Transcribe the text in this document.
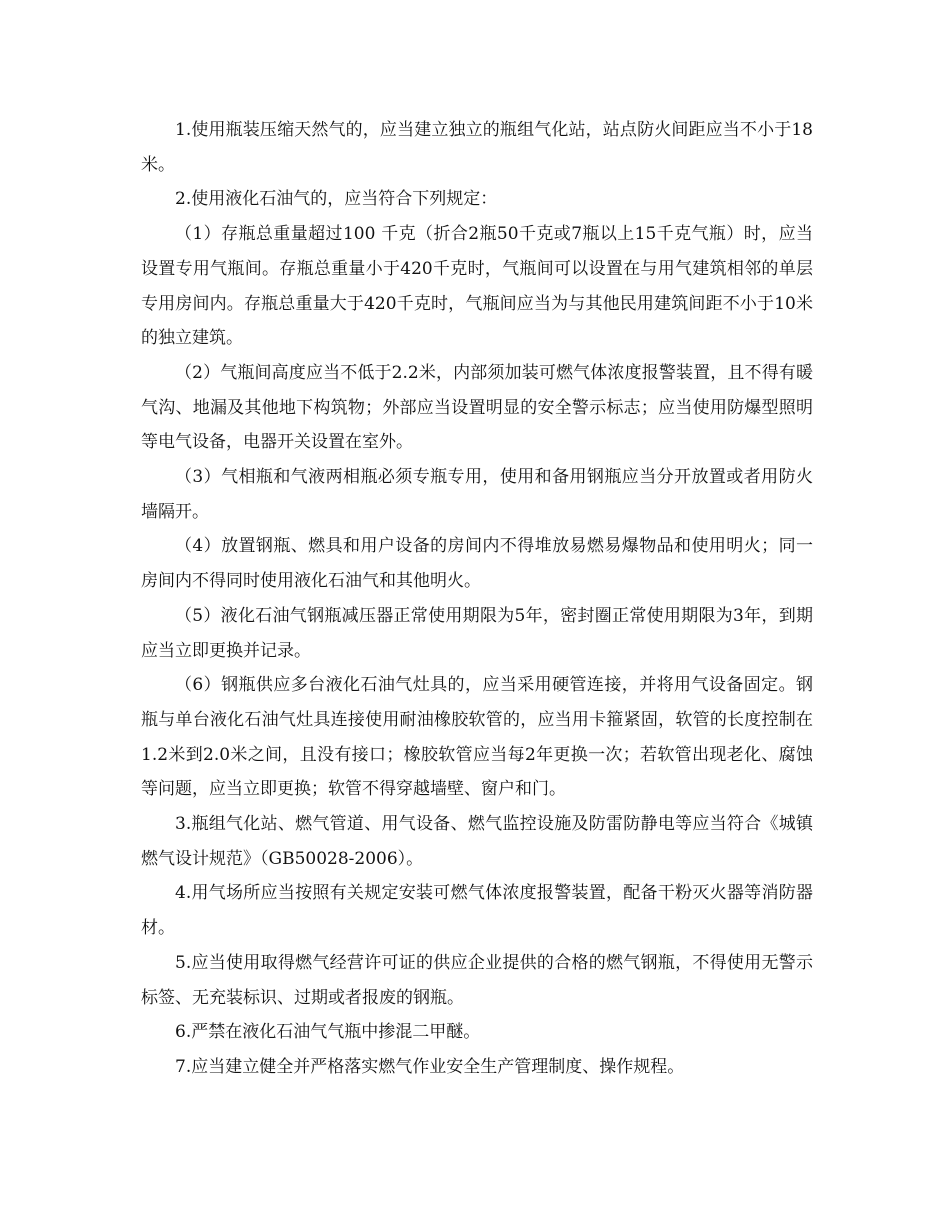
1.使用瓶装压缩天然气的，应当建立独立的瓶组气化站，站点防火间距应当不小于18米。

2.使用液化石油气的，应当符合下列规定：

（1）存瓶总重量超过100 千克（折合2瓶50千克或7瓶以上15千克气瓶）时，应当设置专用气瓶间。存瓶总重量小于420千克时，气瓶间可以设置在与用气建筑相邻的单层专用房间内。存瓶总重量大于420千克时，气瓶间应当为与其他民用建筑间距不小于10米的独立建筑。

（2）气瓶间高度应当不低于2.2米，内部须加装可燃气体浓度报警装置，且不得有暖气沟、地漏及其他地下构筑物；外部应当设置明显的安全警示标志；应当使用防爆型照明等电气设备，电器开关设置在室外。

（3）气相瓶和气液两相瓶必须专瓶专用，使用和备用钢瓶应当分开放置或者用防火墙隔开。

（4）放置钢瓶、燃具和用户设备的房间内不得堆放易燃易爆物品和使用明火；同一房间内不得同时使用液化石油气和其他明火。

（5）液化石油气钢瓶减压器正常使用期限为5年，密封圈正常使用期限为3年，到期应当立即更换并记录。

（6）钢瓶供应多台液化石油气灶具的，应当采用硬管连接，并将用气设备固定。钢瓶与单台液化石油气灶具连接使用耐油橡胶软管的，应当用卡箍紧固，软管的长度控制在1.2米到2.0米之间，且没有接口；橡胶软管应当每2年更换一次；若软管出现老化、腐蚀等问题，应当立即更换；软管不得穿越墙壁、窗户和门。

3.瓶组气化站、燃气管道、用气设备、燃气监控设施及防雷防静电等应当符合《城镇燃气设计规范》（GB50028-2006）。

4.用气场所应当按照有关规定安装可燃气体浓度报警装置，配备干粉灭火器等消防器材。

5.应当使用取得燃气经营许可证的供应企业提供的合格的燃气钢瓶，不得使用无警示标签、无充装标识、过期或者报废的钢瓶。

6.严禁在液化石油气气瓶中掺混二甲醚。

7.应当建立健全并严格落实燃气作业安全生产管理制度、操作规程。
